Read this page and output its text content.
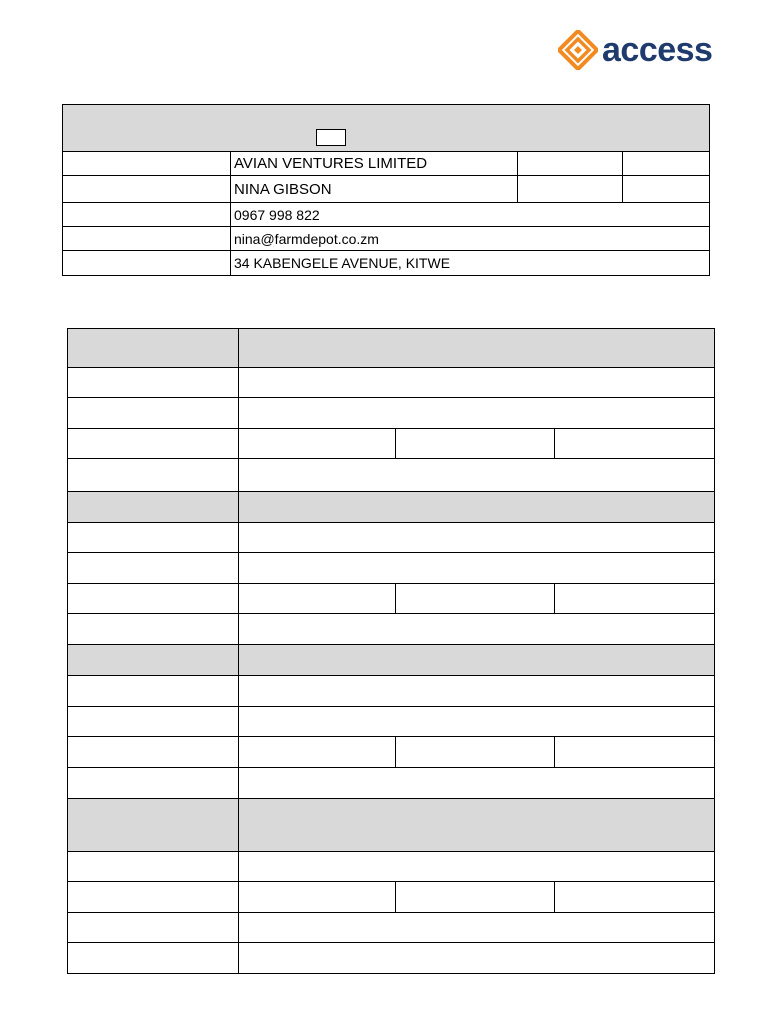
access

	AVIAN VENTURES LIMITED		
	NINA GIBSON		
	0967 998 822		
	nina@farmdepot.co.zm		
	34 KABENGELE AVENUE, KITWE		
